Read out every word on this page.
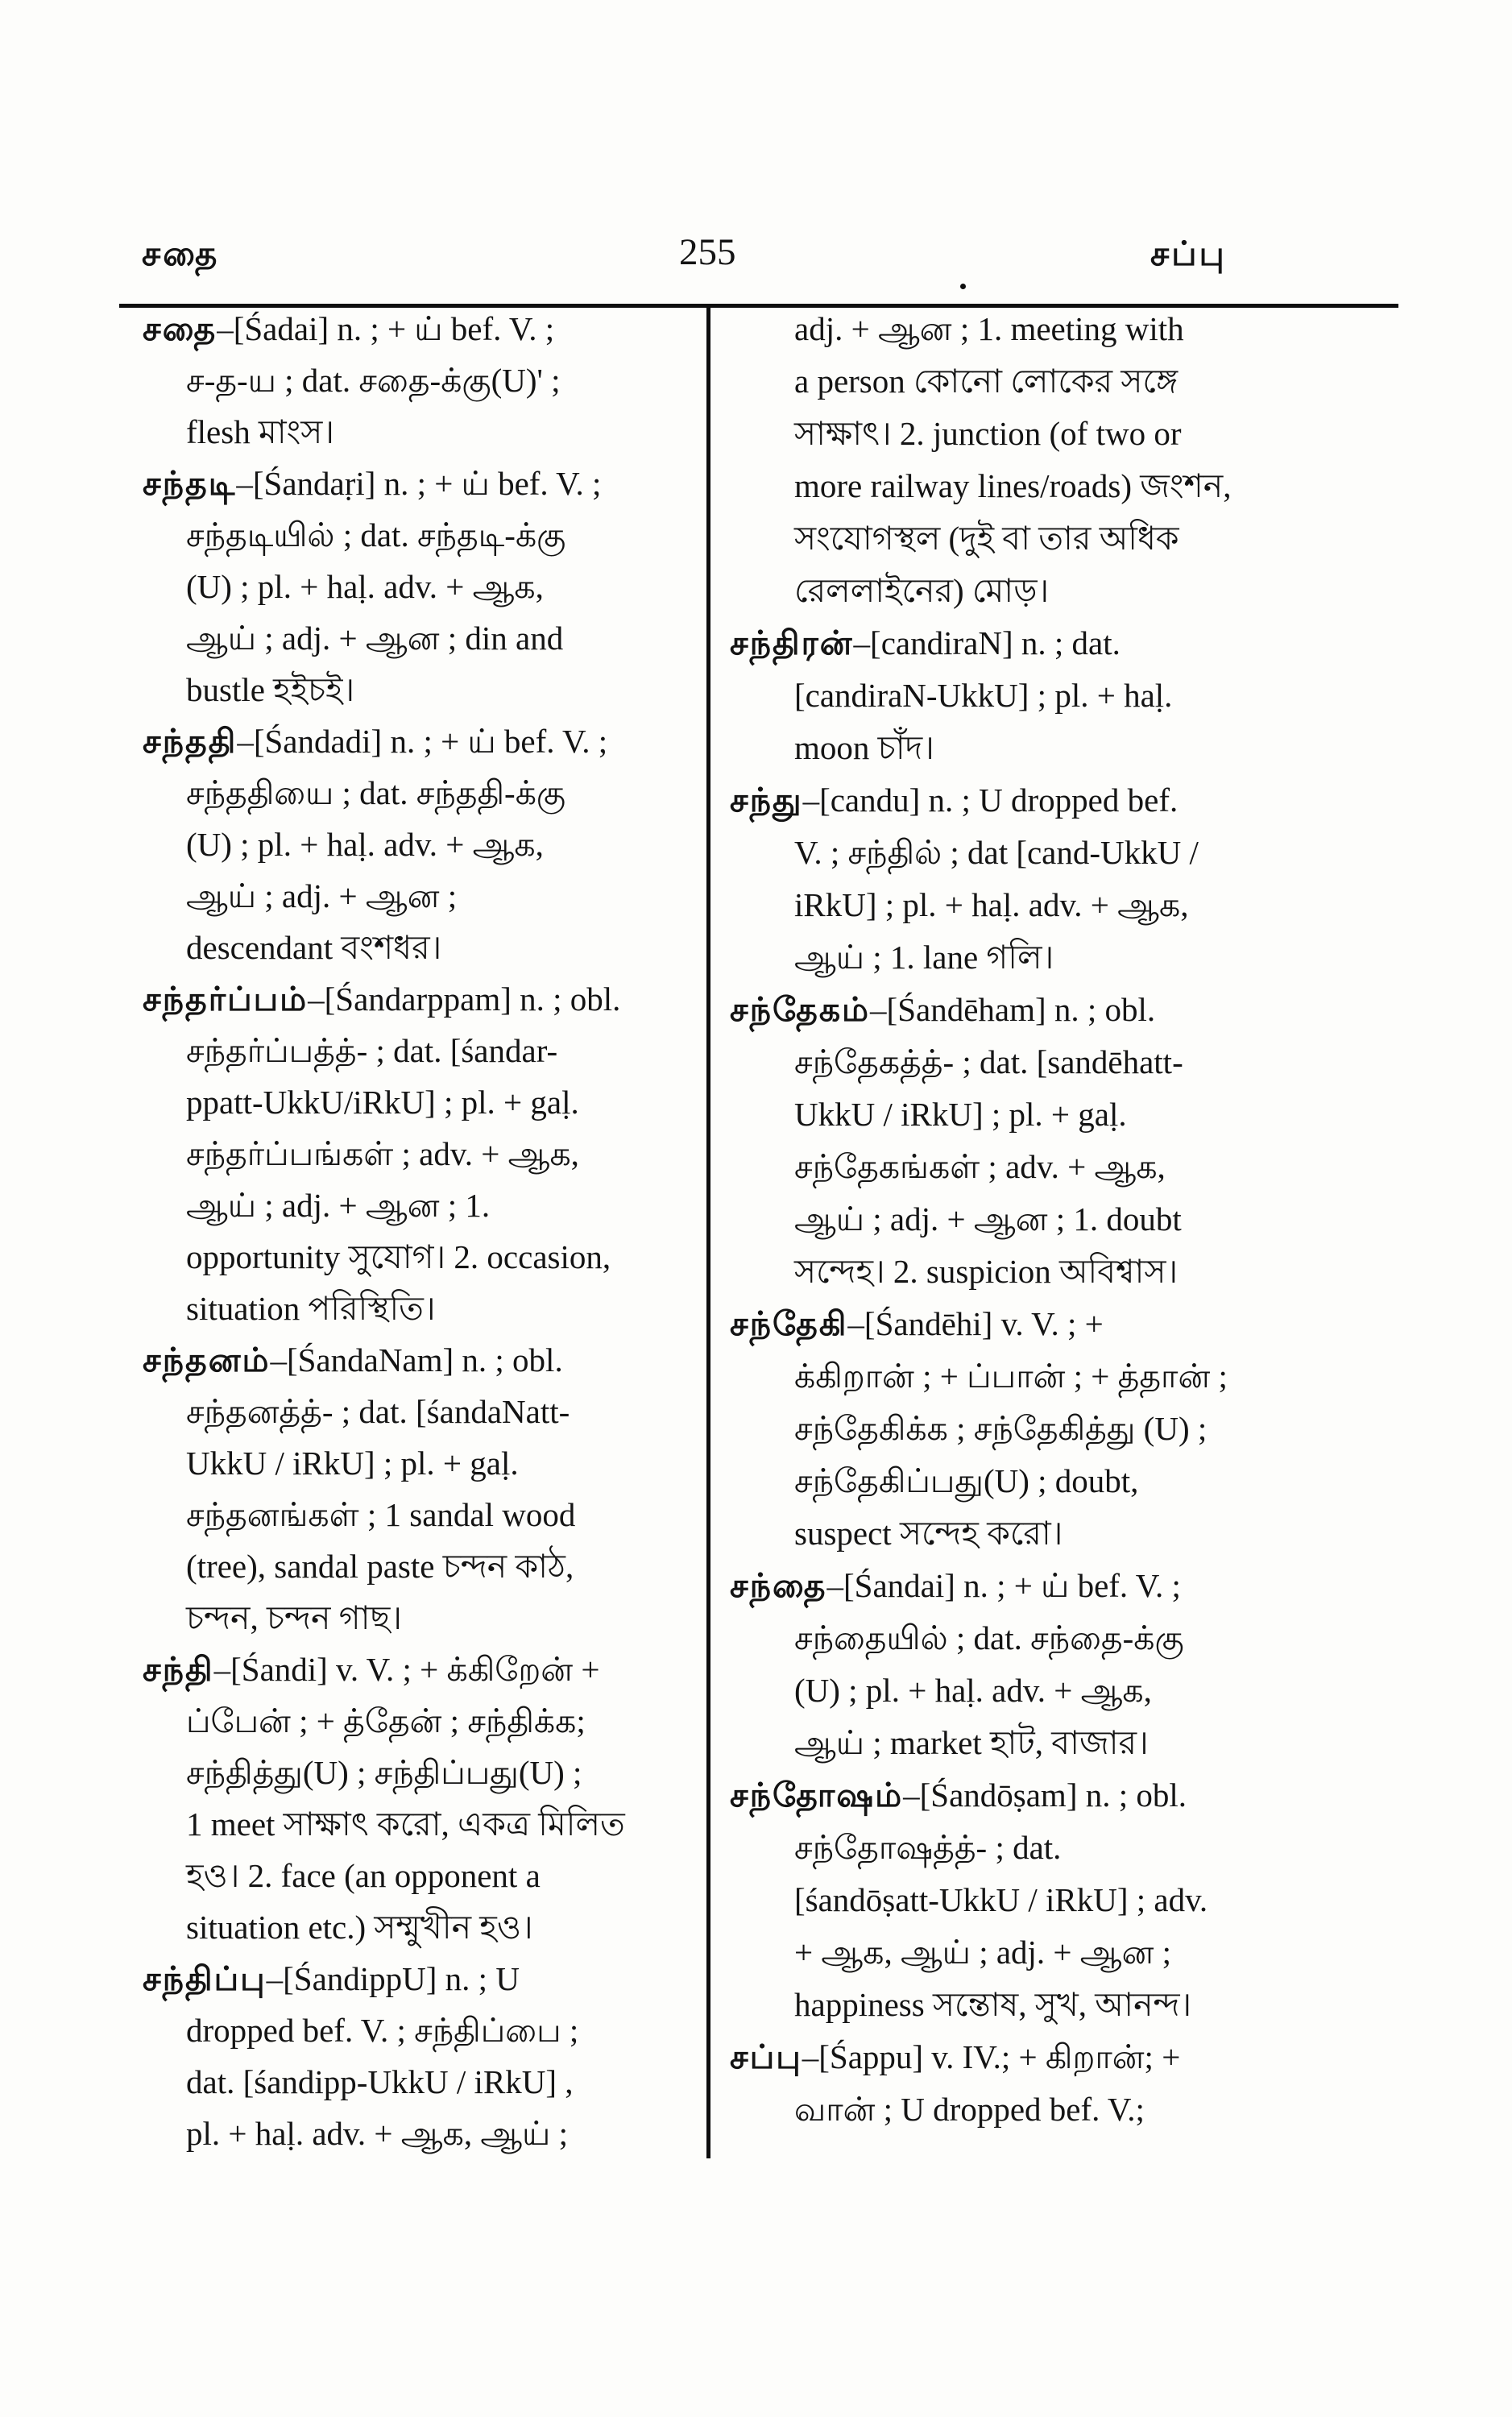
சதை	255	சப்பு
சதை–[Śadai] n. ; + ய் bef. V. ;
ச-த-ய ; dat. சதை-க்கு(U)' ;
flesh মাংস।
சந்தடி–[Śandaṛi] n. ; + ய் bef. V. ;
சந்தடியில் ; dat. சந்தடி-க்கு
(U) ; pl. + haḷ. adv. + ஆக,
ஆய் ; adj. + ஆன ; din and
bustle হইচই।
சந்ததி–[Śandadi] n. ; + ய் bef. V. ;
சந்ததியை ; dat. சந்ததி-க்கு
(U) ; pl. + haḷ. adv. + ஆக,
ஆய் ; adj. + ஆன ;
descendant বংশধর।
சந்தர்ப்பம்–[Śandarppam] n. ; obl.
சந்தர்ப்பத்த்- ; dat. [śandar-
ppatt-UkkU/iRkU] ; pl. + gaḷ.
சந்தர்ப்பங்கள் ; adv. + ஆக,
ஆய் ; adj. + ஆன ; 1.
opportunity সুযোগ। 2. occasion,
situation পরিস্থিতি।
சந்தனம்–[ŚandaNam] n. ; obl.
சந்தனத்த்- ; dat. [śandaNatt-
UkkU / iRkU] ; pl. + gaḷ.
சந்தனங்கள் ; 1 sandal wood
(tree), sandal paste চন্দন কাঠ,
চন্দন, চন্দন গাছ।
சந்தி–[Śandi] v. V. ; + க்கிறேன் +
ப்பேன் ; + த்தேன் ; சந்திக்க;
சந்தித்து(U) ; சந்திப்பது(U) ;
1 meet সাক্ষাৎ করো, একত্র মিলিত
হও। 2. face (an opponent a
situation etc.) সম্মুখীন হও।
சந்திப்பு–[ŚandippU] n. ; U
dropped bef. V. ; சந்திப்பை ;
dat. [śandipp-UkkU / iRkU] ,
pl. + haḷ. adv. + ஆக, ஆய் ;
adj. + ஆன ; 1. meeting with
a person কোনো লোকের সঙ্গে
সাক্ষাৎ। 2. junction (of two or
more railway lines/roads) জংশন,
সংযোগস্থল (দুই বা তার অধিক
রেললাইনের) মোড়।
சந்திரன்–[candiraN] n. ; dat.
[candiraN-UkkU] ; pl. + haḷ.
moon চাঁদ।
சந்து–[candu] n. ; U dropped bef.
V. ; சந்தில் ; dat [cand-UkkU /
iRkU] ; pl. + haḷ. adv. + ஆக,
ஆய் ; 1. lane গলি।
சந்தேகம்–[Śandēham] n. ; obl.
சந்தேகத்த்- ; dat. [sandēhatt-
UkkU / iRkU] ; pl. + gaḷ.
சந்தேகங்கள் ; adv. + ஆக,
ஆய் ; adj. + ஆன ; 1. doubt
সন্দেহ। 2. suspicion অবিশ্বাস।
சந்தேகி–[Śandēhi] v. V. ; +
க்கிறான் ; + ப்பான் ; + த்தான் ;
சந்தேகிக்க ; சந்தேகித்து (U) ;
சந்தேகிப்பது(U) ; doubt,
suspect সন্দেহ করো।
சந்தை–[Śandai] n. ; + ய் bef. V. ;
சந்தையில் ; dat. சந்தை-க்கு
(U) ; pl. + haḷ. adv. + ஆக,
ஆய் ; market হাট, বাজার।
சந்தோஷம்–[Śandōṣam] n. ; obl.
சந்தோஷத்த்- ; dat.
[śandōṣatt-UkkU / iRkU] ; adv.
+ ஆக, ஆய் ; adj. + ஆன ;
happiness সন্তোষ, সুখ, আনন্দ।
சப்பு–[Śappu] v. IV.; + கிறான்; +
வான் ; U dropped bef. V.;
